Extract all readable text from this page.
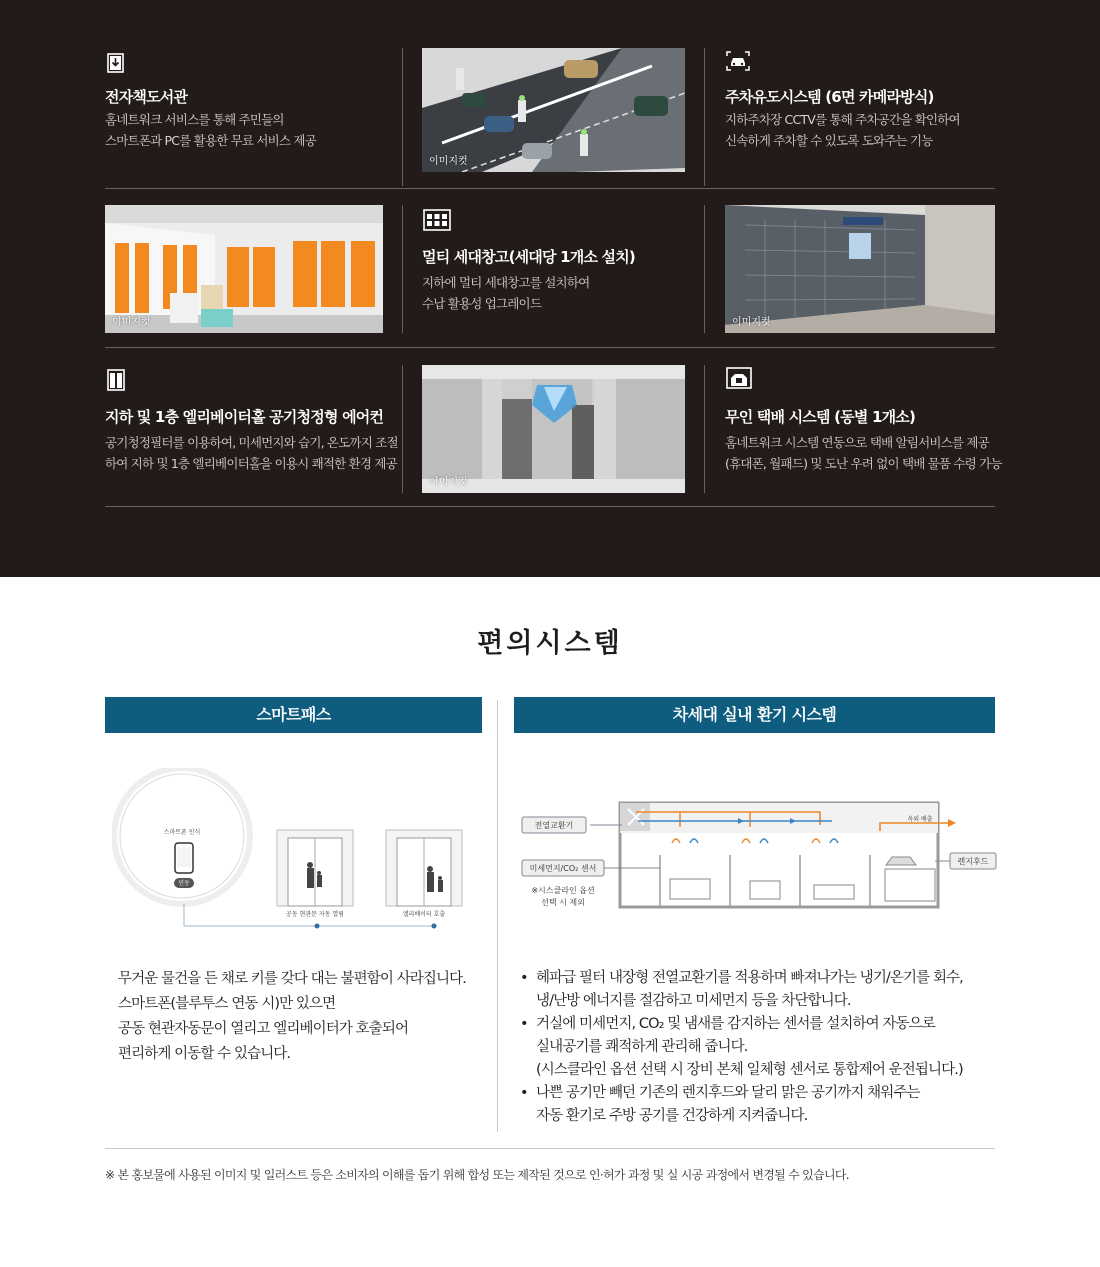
전자책도서관
홈네트워크 서비스를 통해 주민들의
스마트폰과 PC를 활용한 무료 서비스 제공
이미지컷
주차유도시스템 (6면 카메라방식)
지하주차장 CCTV를 통해 주차공간을 확인하여
신속하게 주차할 수 있도록 도와주는 기능
이미지컷
멀티 세대창고(세대당 1개소 설치)
지하에 멀티 세대창고를 설치하여
수납 활용성 업그레이드
이미지컷
지하 및 1층 엘리베이터홀 공기청정형 에어컨
공기청정필터를 이용하여, 미세먼지와 습기, 온도까지 조절
하여 지하 및 1층 엘리베이터홀을 이용시 쾌적한 환경 제공
이미지컷
무인 택배 시스템 (동별 1개소)
홈네트워크 시스템 연동으로 택배 알림서비스를 제공
(휴대폰, 월패드) 및 도난 우려 없이 택배 물품 수령 가능
편의시스템
스마트패스	차세대 실내 환기 시스템
스마트폰 인식
연동
공동 현관문 자동 열림	엘리베이터 호출
무거운 물건을 든 채로 키를 갖다 대는 불편함이 사라집니다.
스마트폰(블루투스 연동 시)만 있으면
공동 현관자동문이 열리고 엘리베이터가 호출되어
편리하게 이동할 수 있습니다.
전열교환기
미세먼지/CO₂ 센서
※시스클라인 옵션
선택 시 제외
옥외 배출
렌지후드
• 헤파급 필터 내장형 전열교환기를 적용하며 빠져나가는 냉기/온기를 회수,
냉/난방 에너지를 절감하고 미세먼지 등을 차단합니다.
• 거실에 미세먼지, CO₂ 및 냄새를 감지하는 센서를 설치하여 자동으로
실내공기를 쾌적하게 관리해 줍니다.
(시스클라인 옵션 선택 시 장비 본체 일체형 센서로 통합제어 운전됩니다.)
• 나쁜 공기만 빼던 기존의 렌지후드와 달리 맑은 공기까지 채워주는
자동 환기로 주방 공기를 건강하게 지켜줍니다.
※ 본 홍보물에 사용된 이미지 및 일러스트 등은 소비자의 이해를 돕기 위해 합성 또는 제작된 것으로 인·허가 과정 및 실 시공 과정에서 변경될 수 있습니다.
